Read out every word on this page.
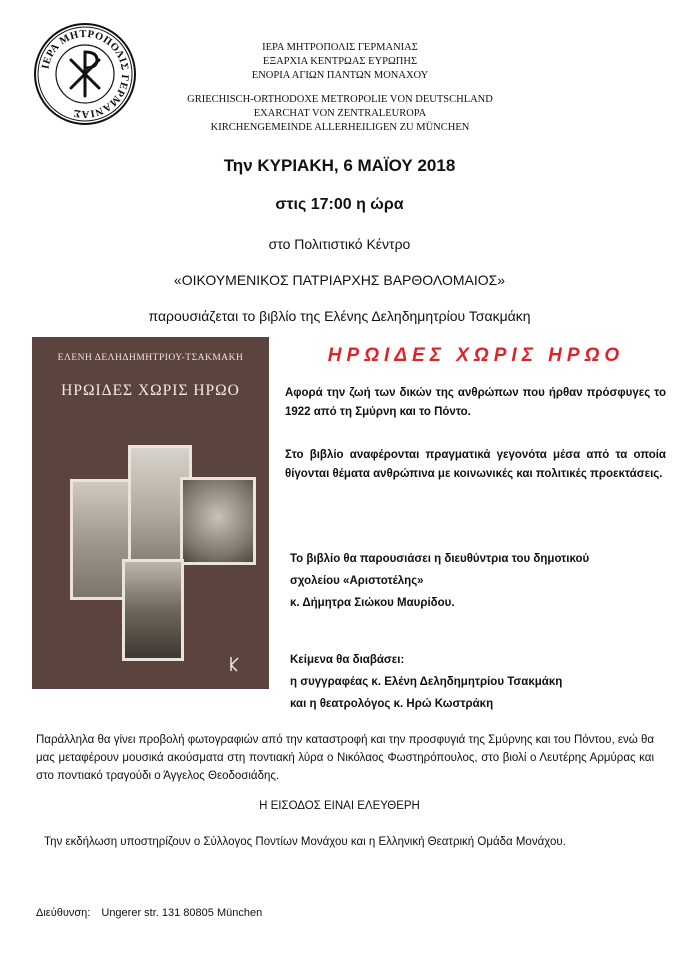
ΙΕΡΑ ΜΗΤΡΟΠΟΛΙΣ ΓΕΡΜΑΝΙΑΣ
ΙΕΡΑ ΜΗΤΡΟΠΟΛΙΣ ΓΕΡΜΑΝΙΑΣ
ΕΞΑΡΧΙΑ ΚΕΝΤΡΩΑΣ ΕΥΡΩΠΗΣ
ΕΝΟΡΙΑ ΑΓΙΩΝ ΠΑΝΤΩΝ ΜΟΝΑΧΟΥ
GRIECHISCH-ORTHODOXE METROPOLIE VON DEUTSCHLAND
EXARCHAT VON ZENTRALEUROPA
KIRCHENGEMEINDE ALLERHEILIGEN ZU MÜNCHEN
Την ΚΥΡΙΑΚΗ, 6 ΜΑΪΟΥ 2018
στις 17:00 η ώρα
στο Πολιτιστικό Κέντρο
«ΟΙΚΟΥΜΕΝΙΚΟΣ ΠΑΤΡΙΑΡΧΗΣ ΒΑΡΘΟΛΟΜΑΙΟΣ»
παρουσιάζεται το βιβλίο της Ελένης Δεληδημητρίου Τσακμάκη
ΕΛΕΝΗ ΔΕΛΗΔΗΜΗΤΡΙΟΥ-ΤΣΑΚΜΑΚΗ
ΗΡΩΙΔΕΣ ΧΩΡΙΣ ΗΡΩΟ
ΗΡΩΙΔΕΣ ΧΩΡΙΣ ΗΡΩΟ
Αφορά την ζωή των δικών της ανθρώπων που ήρθαν πρόσφυγες το 1922 από τη Σμύρνη και το Πόντο.
Στο βιβλίο αναφέρονται πραγματικά γεγονότα μέσα από τα οποία θίγονται θέματα ανθρώπινα με κοινωνικές και πολιτικές προεκτάσεις.
Το βιβλίο θα παρουσιάσει η διευθύντρια του δημοτικού
σχολείου «Αριστοτέλης»
κ. Δήμητρα Σιώκου Μαυρίδου.
Κείμενα θα διαβάσει:
η συγγραφέας κ. Ελένη Δεληδημητρίου Τσακμάκη
και η θεατρολόγος κ. Ηρώ Κωστράκη
Παράλληλα θα γίνει προβολή φωτογραφιών από την καταστροφή και την προσφυγιά της Σμύρνης και του Πόντου, ενώ θα μας μεταφέρουν μουσικά ακούσματα στη ποντιακή λύρα ο Νικόλαος Φωστηρόπουλος, στο βιολί ο Λευτέρης Αρμύρας και στο ποντιακό τραγούδι ο Άγγελος Θεοδοσιάδης.
Η ΕΙΣΟΔΟΣ ΕΙΝΑΙ ΕΛΕΥΘΕΡΗ
Την εκδήλωση υποστηρίζουν ο Σύλλογος Ποντίων Μονάχου και η Ελληνική Θεατρική Ομάδα Μονάχου.
Διεύθυνση: Ungerer str. 131 80805 München
